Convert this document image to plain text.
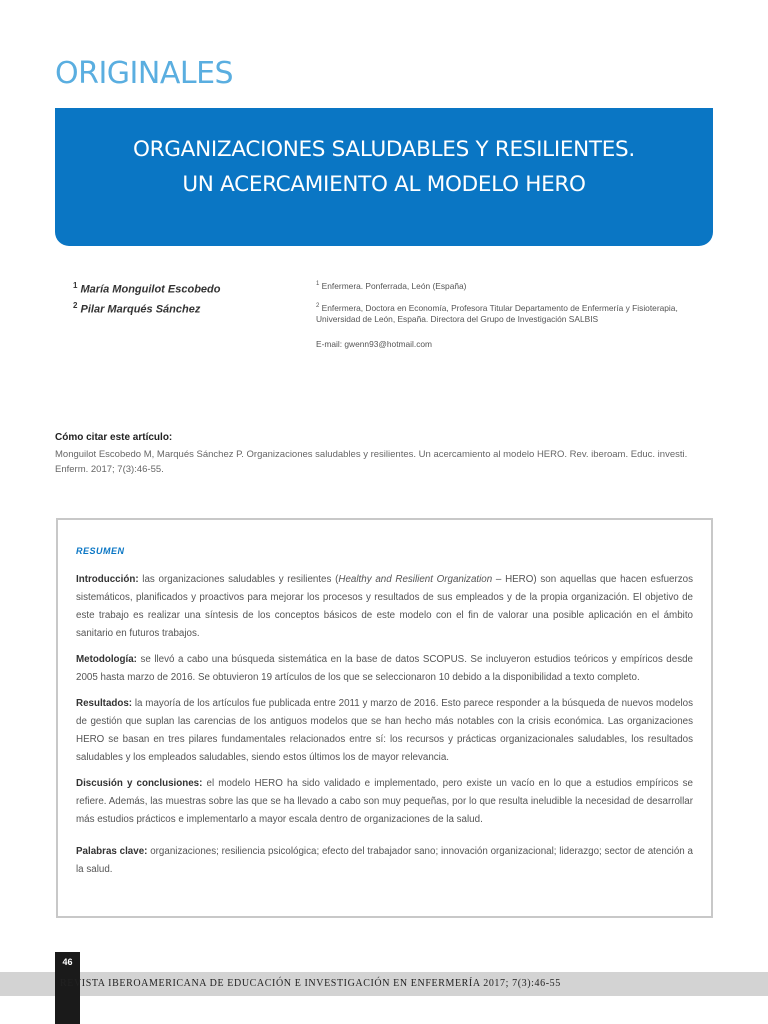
ORIGINALES
ORGANIZACIONES SALUDABLES Y RESILIENTES.
UN ACERCAMIENTO AL MODELO HERO
$^1$ María Monguilot Escobedo
$^2$ Pilar Marqués Sánchez

$^1$ Enfermera. Ponferrada, León (España)

$^2$ Enfermera, Doctora en Economía, Profesora Titular Departamento de Enfermería y Fisioterapia, Universidad de León, España. Directora del Grupo de Investigación SALBIS

E-mail: gwenn93@hotmail.com

Cómo citar este artículo:

Monguilot Escobedo M, Marqués Sánchez P. Organizaciones saludables y resilientes. Un acercamiento al modelo HERO. Rev. iberoam. Educ. investi. Enferm. 2017; 7(3):46-55.

RESUMEN

Introducción: las organizaciones saludables y resilientes (Healthy and Resilient Organization – HERO) son aquellas que hacen esfuerzos sistemáticos, planificados y proactivos para mejorar los procesos y resultados de sus empleados y de la propia organización. El objetivo de este trabajo es realizar una síntesis de los conceptos básicos de este modelo con el fin de valorar una posible aplicación en el ámbito sanitario en futuros trabajos.

Metodología: se llevó a cabo una búsqueda sistemática en la base de datos SCOPUS. Se incluyeron estudios teóricos y empíricos desde 2005 hasta marzo de 2016. Se obtuvieron 19 artículos de los que se seleccionaron 10 debido a la disponibilidad a texto completo.

Resultados: la mayoría de los artículos fue publicada entre 2011 y marzo de 2016. Esto parece responder a la búsqueda de nuevos modelos de gestión que suplan las carencias de los antiguos modelos que se han hecho más notables con la crisis económica. Las organizaciones HERO se basan en tres pilares fundamentales relacionados entre sí: los recursos y prácticas organizacionales saludables, los resultados saludables y los empleados saludables, siendo estos últimos los de mayor relevancia.

Discusión y conclusiones: el modelo HERO ha sido validado e implementado, pero existe un vacío en lo que a estudios empíricos se refiere. Además, las muestras sobre las que se ha llevado a cabo son muy pequeñas, por lo que resulta ineludible la necesidad de desarrollar más estudios prácticos e implementarlo a mayor escala dentro de organizaciones de la salud.

Palabras clave: organizaciones; resiliencia psicológica; efecto del trabajador sano; innovación organizacional; liderazgo; sector de atención a la salud.

46
REVISTA IBEROAMERICANA DE EDUCACIÓN E INVESTIGACIÓN EN ENFERMERÍA 2017; 7(3):46-55
